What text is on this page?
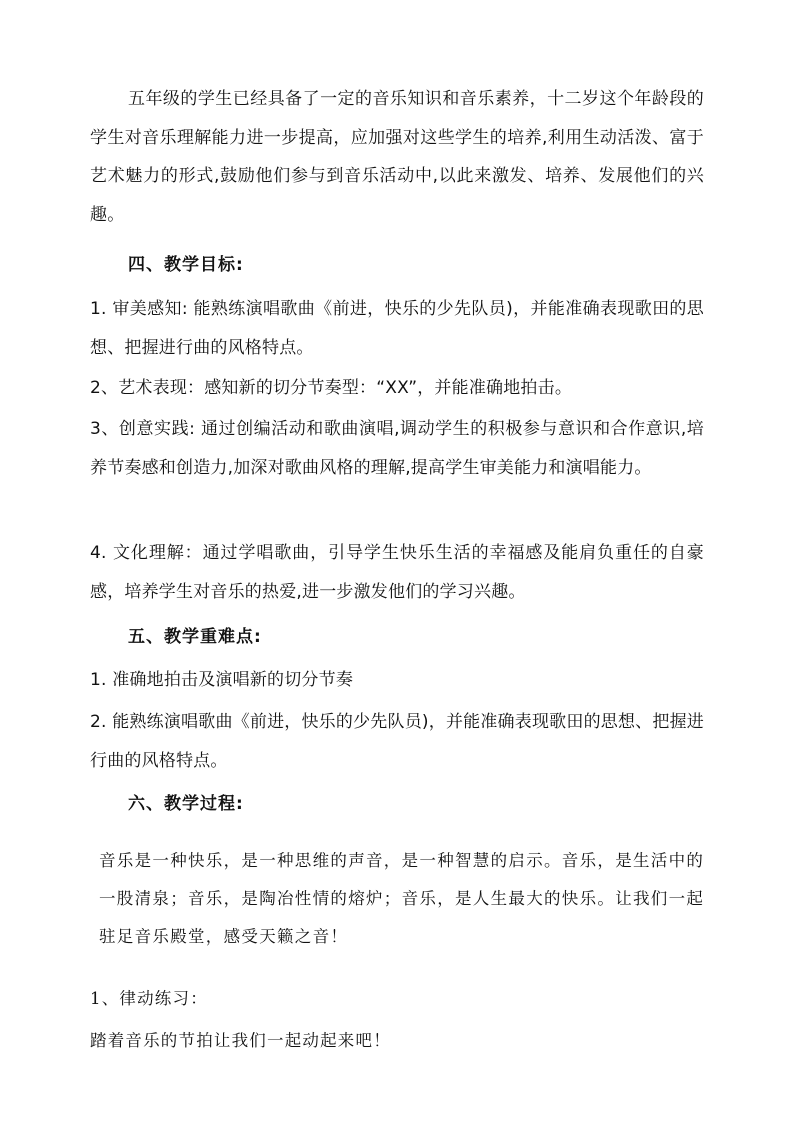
五年级的学生已经具备了一定的音乐知识和音乐素养，十二岁这个年龄段的学生对音乐理解能力进一步提高，应加强对这些学生的培养,利用生动活泼、富于艺术魅力的形式,鼓励他们参与到音乐活动中,以此来激发、培养、发展他们的兴趣。

四、教学目标:

1. 审美感知: 能熟练演唱歌曲《前进，快乐的少先队员)，并能准确表现歌田的思想、把握进行曲的风格特点。

2、艺术表现：感知新的切分节奏型：“XX”，并能准确地拍击。

3、创意实践: 通过创编活动和歌曲演唱,调动学生的积极参与意识和合作意识,培养节奏感和创造力,加深对歌曲风格的理解,提高学生审美能力和演唱能力。

4. 文化理解：通过学唱歌曲，引导学生快乐生活的幸福感及能肩负重任的自豪感，培养学生对音乐的热爱,进一步激发他们的学习兴趣。

五、教学重难点:

1. 准确地拍击及演唱新的切分节奏

2. 能熟练演唱歌曲《前进，快乐的少先队员)，并能准确表现歌田的思想、把握进行曲的风格特点。

六、教学过程:

音乐是一种快乐，是一种思维的声音，是一种智慧的启示。音乐，是生活中的一股清泉；音乐，是陶冶性情的熔炉；音乐，是人生最大的快乐。让我们一起驻足音乐殿堂，感受天籁之音！

1、律动练习：

踏着音乐的节拍让我们一起动起来吧！
